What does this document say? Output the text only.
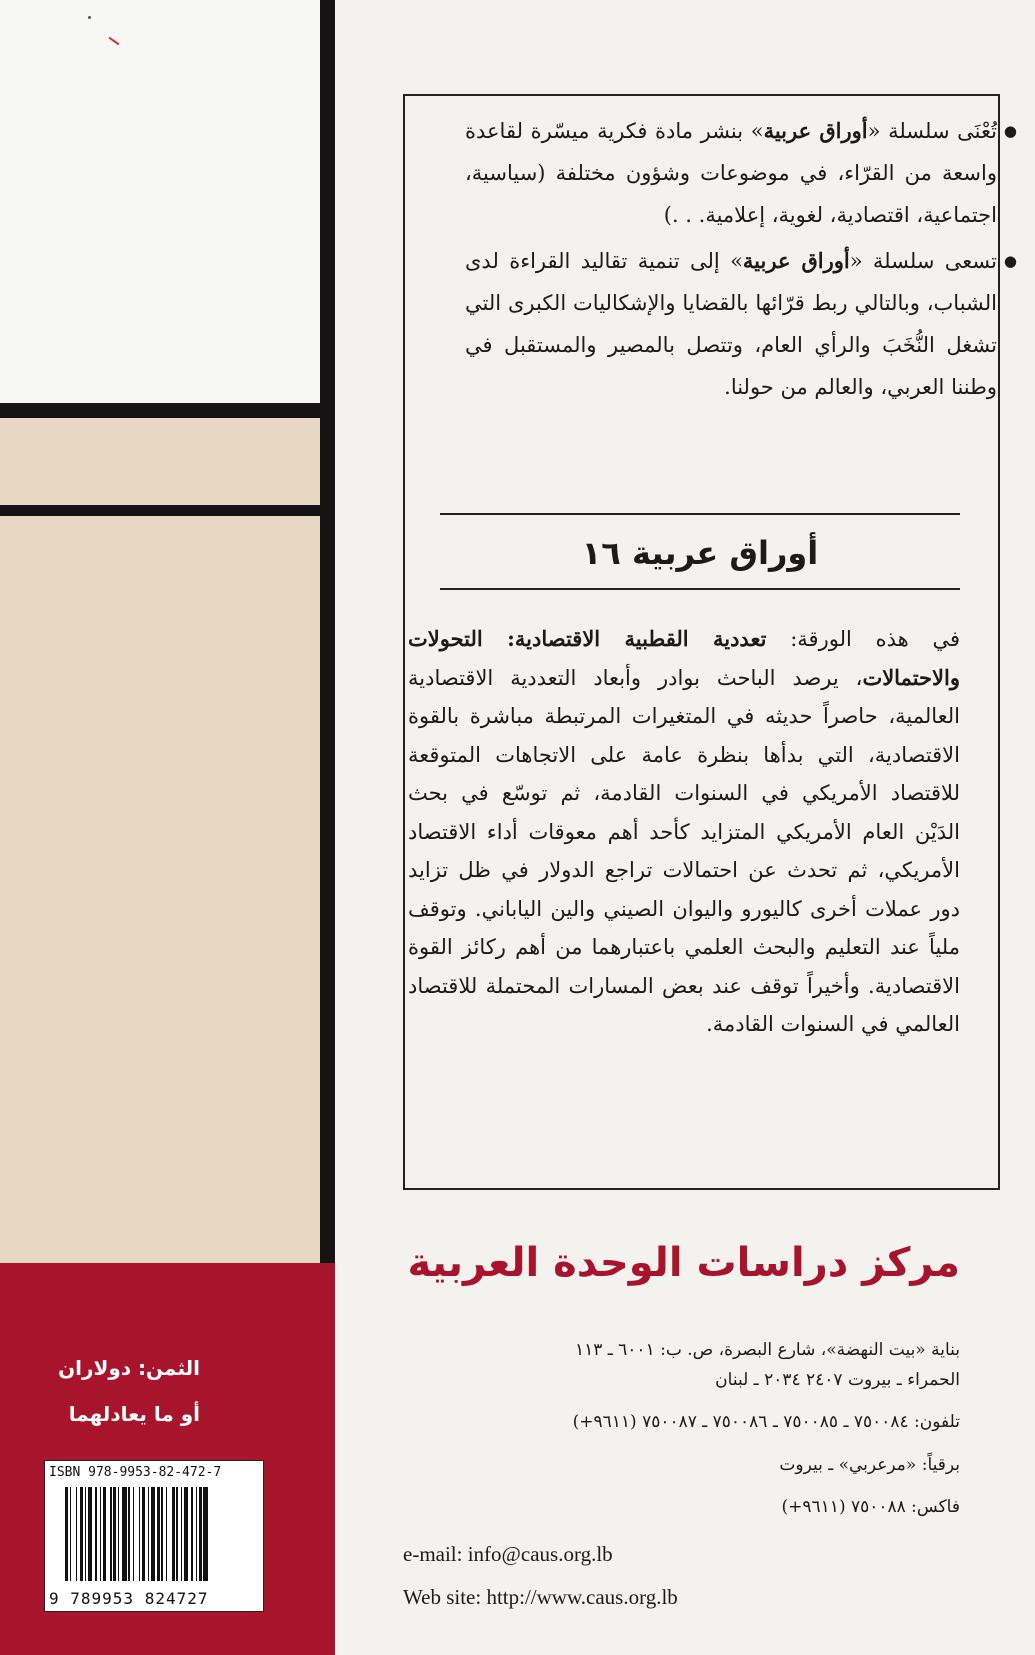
الثمن: دولاران
أو ما يعادلهما
ISBN 978-9953-82-472-7
9 789953 824727
● تُعْنَى سلسلة «أوراق عربية» بنشر مادة فكرية ميسّرة لقاعدة واسعة من القرّاء، في موضوعات وشؤون مختلفة (سياسية، اجتماعية، اقتصادية، لغوية، إعلامية. . .)
● تسعى سلسلة «أوراق عربية» إلى تنمية تقاليد القراءة لدى الشباب، وبالتالي ربط قرّائها بالقضايا والإشكاليات الكبرى التي تشغل النُّخَبَ والرأي العام، وتتصل بالمصير والمستقبل في وطننا العربي، والعالم من حولنا.
أوراق عربية ١٦
في هذه الورقة: تعددية القطبية الاقتصادية: التحولات والاحتمالات، يرصد الباحث بوادر وأبعاد التعددية الاقتصادية العالمية، حاصراً حديثه في المتغيرات المرتبطة مباشرة بالقوة الاقتصادية، التي بدأها بنظرة عامة على الاتجاهات المتوقعة للاقتصاد الأمريكي في السنوات القادمة، ثم توسّع في بحث الدَيْن العام الأمريكي المتزايد كأحد أهم معوقات أداء الاقتصاد الأمريكي، ثم تحدث عن احتمالات تراجع الدولار في ظل تزايد دور عملات أخرى كاليورو واليوان الصيني والين الياباني. وتوقف ملياً عند التعليم والبحث العلمي باعتبارهما من أهم ركائز القوة الاقتصادية. وأخيراً توقف عند بعض المسارات المحتملة للاقتصاد العالمي في السنوات القادمة.
مركز دراسات الوحدة العربية
بناية «بيت النهضة»، شارع البصرة، ص. ب: ٦٠٠١ ـ ١١٣
الحمراء ـ بيروت ٢٤٠٧ ٢٠٣٤ ـ لبنان
تلفون: ٧٥٠٠٨٤ ـ ٧٥٠٠٨٥ ـ ٧٥٠٠٨٦ ـ ٧٥٠٠٨٧ (٩٦١١+)
برقياً: «مرعربي» ـ بيروت
فاكس: ٧٥٠٠٨٨ (٩٦١١+)
e-mail: info@caus.org.lb
Web site: http://www.caus.org.lb
